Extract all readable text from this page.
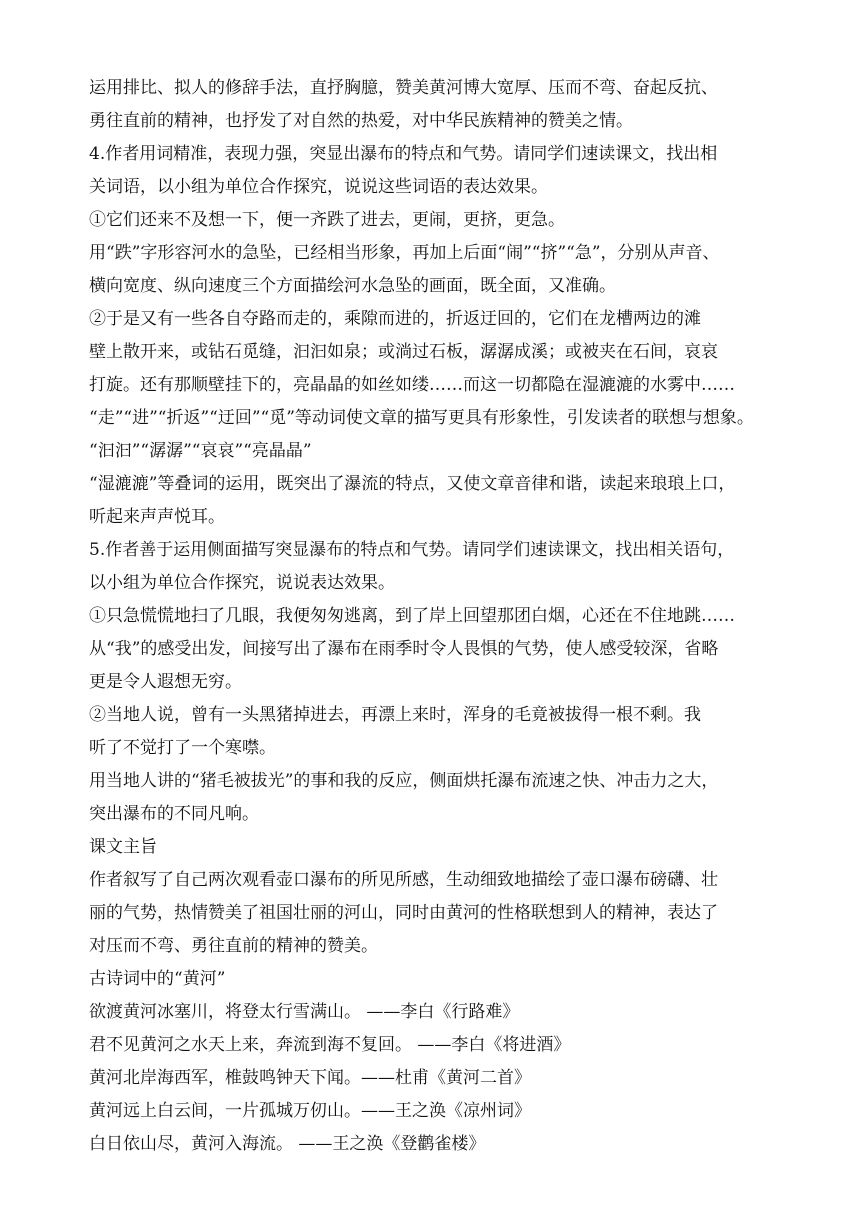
运用排比、拟人的修辞手法，直抒胸臆，赞美黄河博大宽厚、压而不弯、奋起反抗、
勇往直前的精神，也抒发了对自然的热爱，对中华民族精神的赞美之情。
4.作者用词精准，表现力强，突显出瀑布的特点和气势。请同学们速读课文，找出相
关词语，以小组为单位合作探究，说说这些词语的表达效果。
①它们还来不及想一下，便一齐跌了进去，更闹，更挤，更急。
用“跌”字形容河水的急坠，已经相当形象，再加上后面“闹”“挤”“急”，分别从声音、
横向宽度、纵向速度三个方面描绘河水急坠的画面，既全面，又准确。
②于是又有一些各自夺路而走的，乘隙而进的，折返迂回的，它们在龙槽两边的滩
壁上散开来，或钻石觅缝，汩汩如泉；或淌过石板，潺潺成溪；或被夹在石间，哀哀
打旋。还有那顺壁挂下的，亮晶晶的如丝如缕……而这一切都隐在湿漉漉的水雾中……
“走”“进”“折返”“迂回”“觅”等动词使文章的描写更具有形象性，引发读者的联想与想象。
“汩汩”“潺潺”“哀哀”“亮晶晶”
“湿漉漉”等叠词的运用，既突出了瀑流的特点，又使文章音律和谐，读起来琅琅上口，
听起来声声悦耳。
5.作者善于运用侧面描写突显瀑布的特点和气势。请同学们速读课文，找出相关语句，
以小组为单位合作探究，说说表达效果。
①只急慌慌地扫了几眼，我便匆匆逃离，到了岸上回望那团白烟，心还在不住地跳……
从“我”的感受出发，间接写出了瀑布在雨季时令人畏惧的气势，使人感受较深，省略
更是令人遐想无穷。
②当地人说，曾有一头黑猪掉进去，再漂上来时，浑身的毛竟被拔得一根不剩。我
听了不觉打了一个寒噤。
用当地人讲的“猪毛被拔光”的事和我的反应，侧面烘托瀑布流速之快、冲击力之大，
突出瀑布的不同凡响。
课文主旨
作者叙写了自己两次观看壶口瀑布的所见所感，生动细致地描绘了壶口瀑布磅礴、壮
丽的气势，热情赞美了祖国壮丽的河山，同时由黄河的性格联想到人的精神，表达了
对压而不弯、勇往直前的精神的赞美。
古诗词中的“黄河”
欲渡黄河冰塞川，将登太行雪满山。 ——李白《行路难》
君不见黄河之水天上来，奔流到海不复回。 ——李白《将进酒》
黄河北岸海西军，椎鼓鸣钟天下闻。——杜甫《黄河二首》
黄河远上白云间，一片孤城万仞山。——王之涣《凉州词》
白日依山尽，黄河入海流。 ——王之涣《登鹳雀楼》
